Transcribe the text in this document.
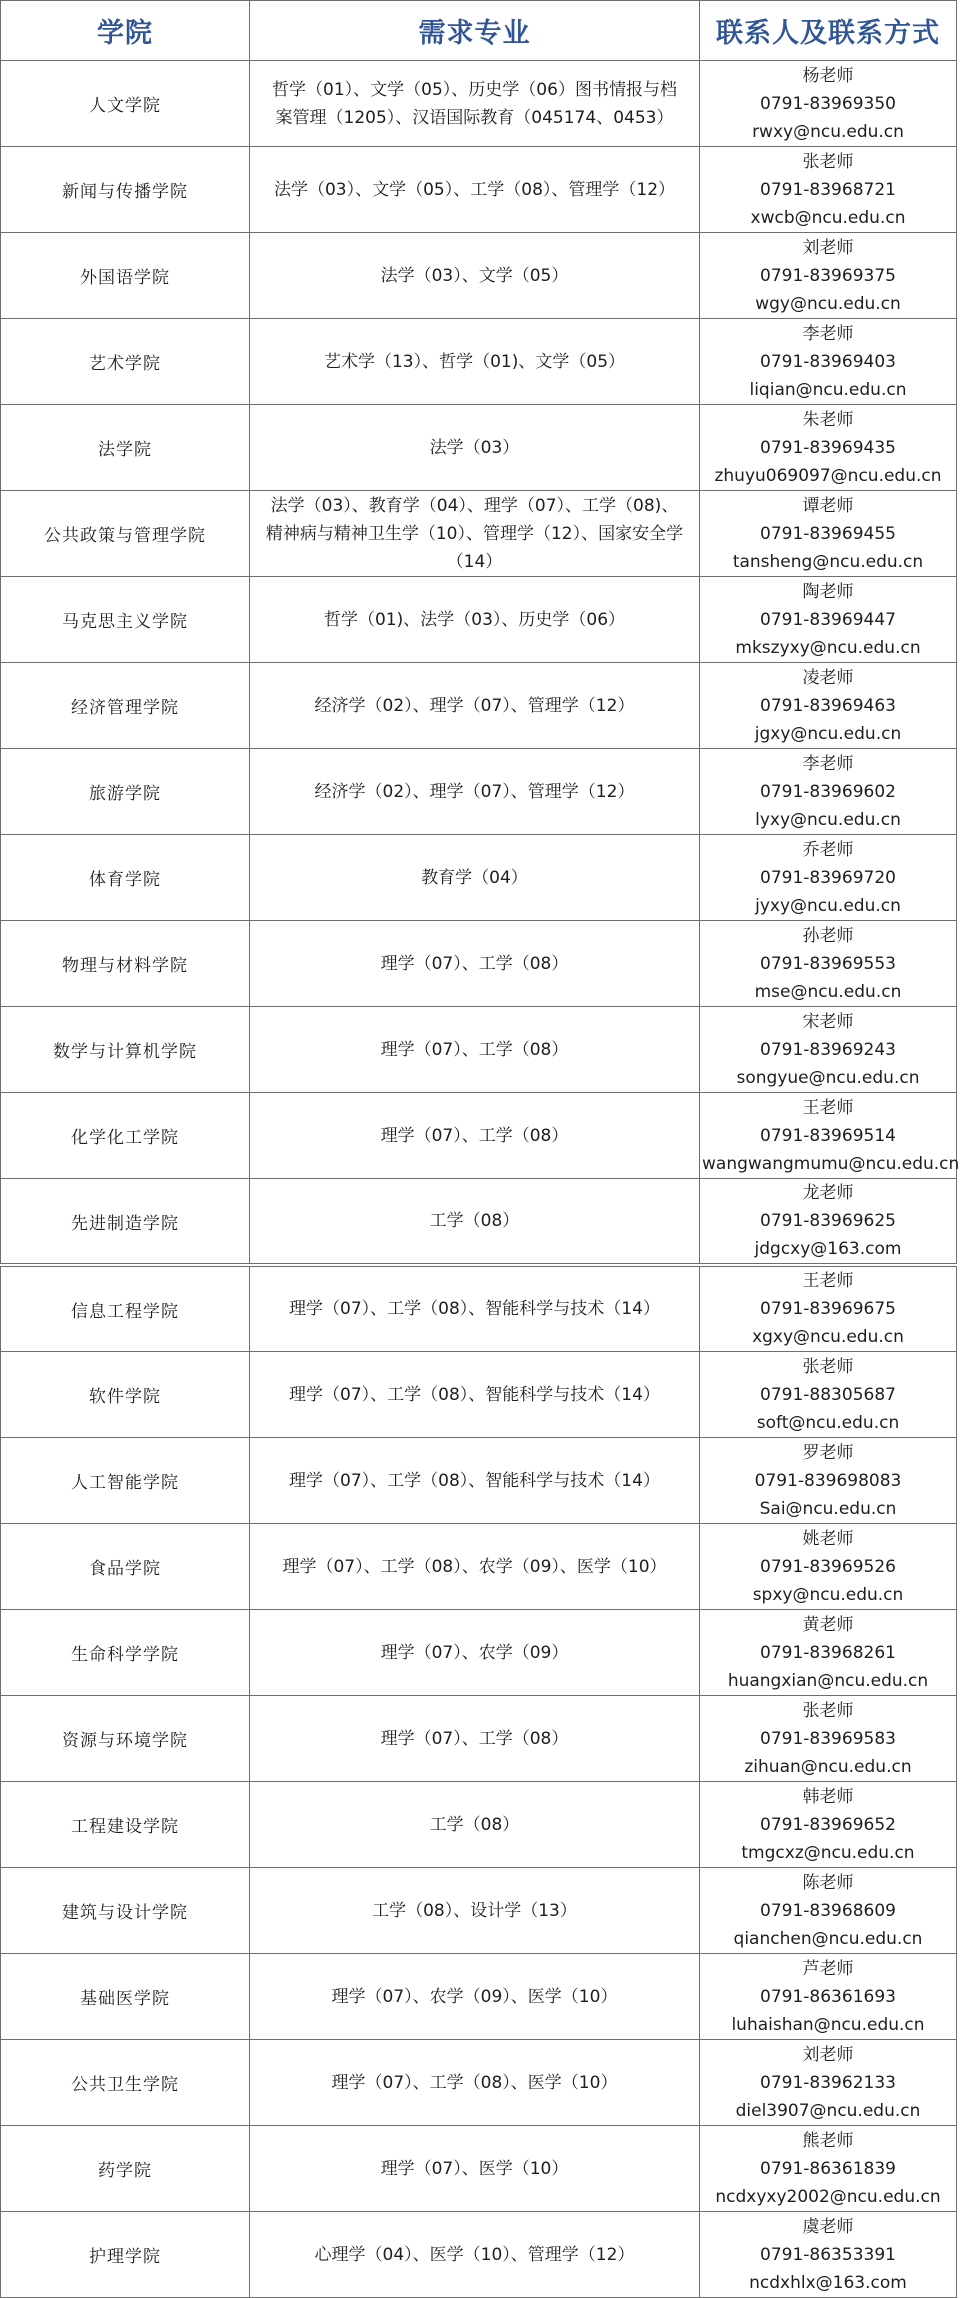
学院	需求专业	联系人及联系方式
人文学院	哲学（01）、文学（05）、历史学（06）图书情报与档案管理（1205）、汉语国际教育（045174、0453）	杨老师
0791-83969350
rwxy@ncu.edu.cn

新闻与传播学院	法学（03）、文学（05）、工学（08）、管理学（12）	张老师
0791-83968721
xwcb@ncu.edu.cn

外国语学院	法学（03）、文学（05）	刘老师
0791-83969375
wgy@ncu.edu.cn

艺术学院	艺术学（13）、哲学（01)、文学（05）	李老师
0791-83969403
liqian@ncu.edu.cn

法学院	法学（03）	朱老师
0791-83969435
zhuyu069097@ncu.edu.cn

公共政策与管理学院	法学（03）、教育学（04）、理学（07）、工学（08)、精神病与精神卫生学（10）、管理学（12）、国家安全学（14）	谭老师
0791-83969455
tansheng@ncu.edu.cn

马克思主义学院	哲学（01)、法学（03）、历史学（06）	陶老师
0791-83969447
mkszyxy@ncu.edu.cn

经济管理学院	经济学（02）、理学（07）、管理学（12）	凌老师
0791-83969463
jgxy@ncu.edu.cn

旅游学院	经济学（02）、理学（07）、管理学（12）	李老师
0791-83969602
lyxy@ncu.edu.cn

体育学院	教育学（04）	乔老师
0791-83969720
jyxy@ncu.edu.cn

物理与材料学院	理学（07）、工学（08）	孙老师
0791-83969553
mse@ncu.edu.cn

数学与计算机学院	理学（07）、工学（08）	宋老师
0791-83969243
songyue@ncu.edu.cn

化学化工学院	理学（07）、工学（08）	王老师
0791-83969514
wangwangmumu@ncu.edu.cn

先进制造学院	工学（08）	龙老师
0791-83969625
jdgcxy@163.com

信息工程学院	理学（07）、工学（08）、智能科学与技术（14）	王老师
0791-83969675
xgxy@ncu.edu.cn

软件学院	理学（07）、工学（08）、智能科学与技术（14）	张老师
0791-88305687
soft@ncu.edu.cn

人工智能学院	理学（07）、工学（08）、智能科学与技术（14）	罗老师
0791-839698083
Sai@ncu.edu.cn

食品学院	理学（07）、工学（08）、农学（09）、医学（10）	姚老师
0791-83969526
spxy@ncu.edu.cn

生命科学学院	理学（07）、农学（09）	黄老师
0791-83968261
huangxian@ncu.edu.cn

资源与环境学院	理学（07）、工学（08）	张老师
0791-83969583
zihuan@ncu.edu.cn

工程建设学院	工学（08）	韩老师
0791-83969652
tmgcxz@ncu.edu.cn

建筑与设计学院	工学（08）、设计学（13）	陈老师
0791-83968609
qianchen@ncu.edu.cn

基础医学院	理学（07）、农学（09）、医学（10）	芦老师
0791-86361693
luhaishan@ncu.edu.cn

公共卫生学院	理学（07）、工学（08）、医学（10）	刘老师
0791-83962133
diel3907@ncu.edu.cn

药学院	理学（07）、医学（10）	熊老师
0791-86361839
ncdxyxy2002@ncu.edu.cn

护理学院	心理学（04）、医学（10）、管理学（12）	虞老师
0791-86353391
ncdxhlx@163.com
